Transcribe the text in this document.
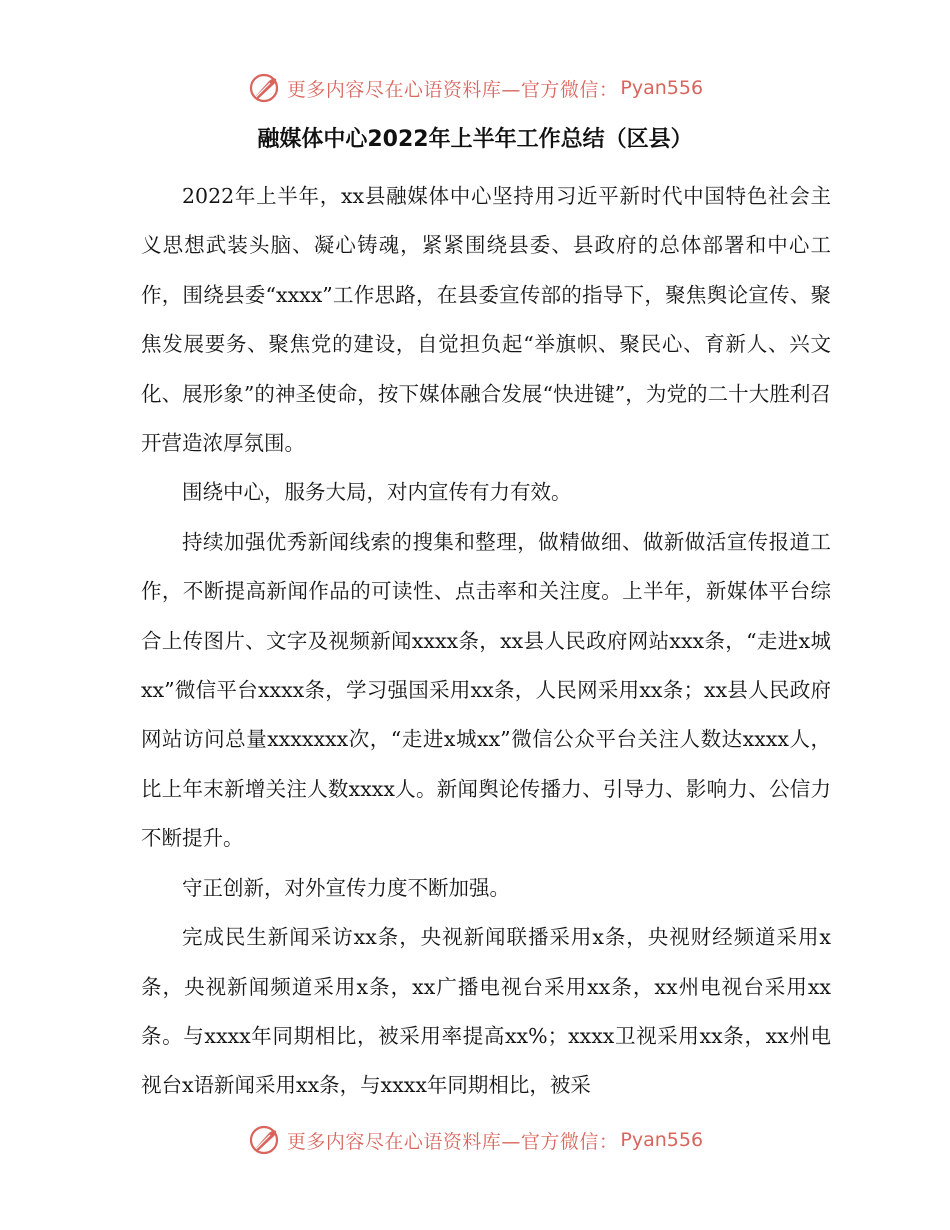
更多内容尽在心语资料库—官方微信： Pyan556
融媒体中心2022年上半年工作总结（区县）

2022年上半年，xx县融媒体中心坚持用习近平新时代中国特色社会主义思想武装头脑、凝心铸魂，紧紧围绕县委、县政府的总体部署和中心工作，围绕县委“xxxx”工作思路，在县委宣传部的指导下，聚焦舆论宣传、聚焦发展要务、聚焦党的建设，自觉担负起“举旗帜、聚民心、育新人、兴文化、展形象”的神圣使命，按下媒体融合发展“快进键”，为党的二十大胜利召开营造浓厚氛围。

围绕中心，服务大局，对内宣传有力有效。

持续加强优秀新闻线索的搜集和整理，做精做细、做新做活宣传报道工作，不断提高新闻作品的可读性、点击率和关注度。上半年，新媒体平台综合上传图片、文字及视频新闻xxxx条，xx县人民政府网站xxx条，“走进x城xx”微信平台xxxx条，学习强国采用xx条，人民网采用xx条；xx县人民政府网站访问总量xxxxxxx次，“走进x城xx”微信公众平台关注人数达xxxx人，比上年末新增关注人数xxxx人。新闻舆论传播力、引导力、影响力、公信力不断提升。

守正创新，对外宣传力度不断加强。

完成民生新闻采访xx条，央视新闻联播采用x条，央视财经频道采用x条，央视新闻频道采用x条，xx广播电视台采用xx条，xx州电视台采用xx条。与xxxx年同期相比，被采用率提高xx%；xxxx卫视采用xx条，xx州电视台x语新闻采用xx条，与xxxx年同期相比，被采

更多内容尽在心语资料库—官方微信： Pyan556
